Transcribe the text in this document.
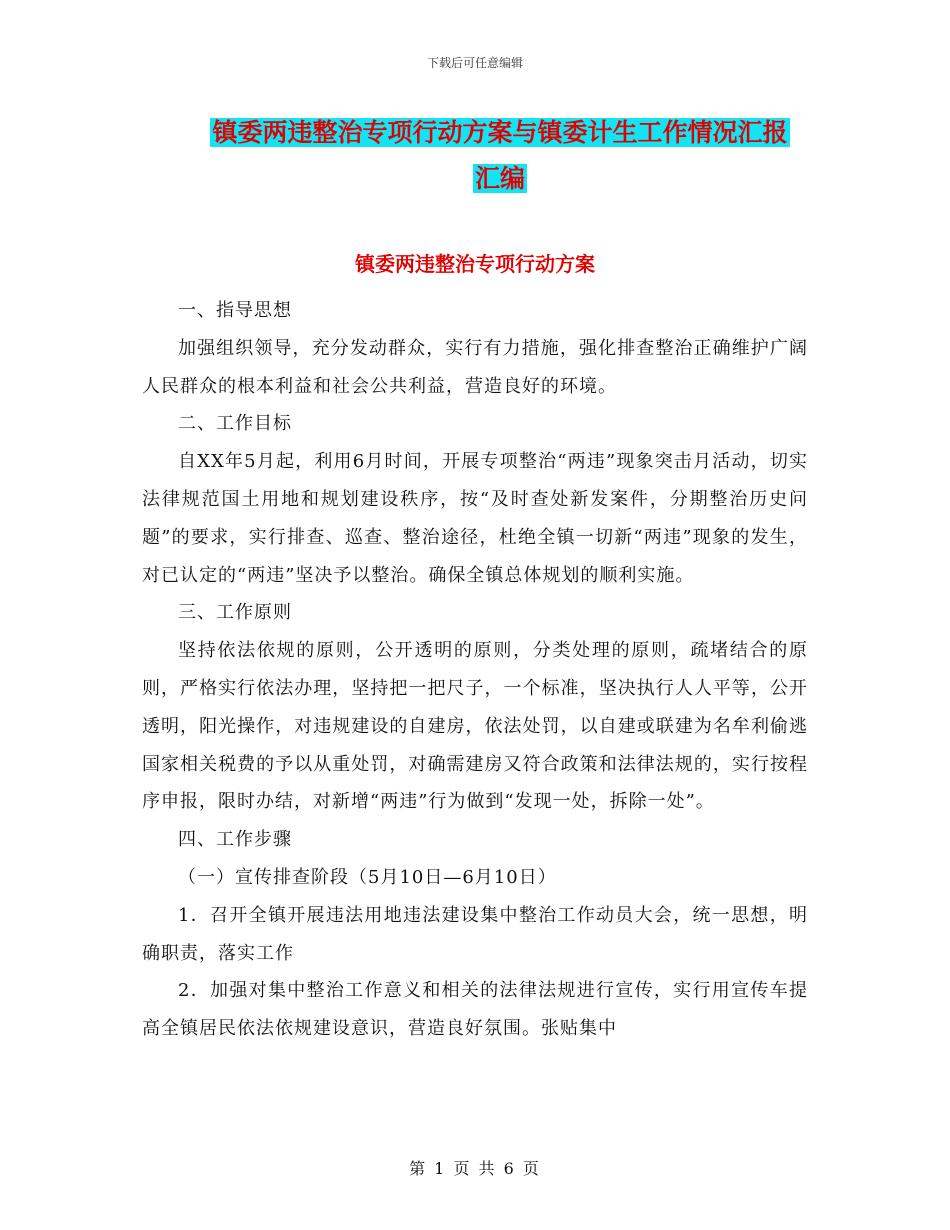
下载后可任意编辑
镇委两违整治专项行动方案与镇委计生工作情况汇报
汇编
镇委两违整治专项行动方案

一、指导思想

加强组织领导，充分发动群众，实行有力措施，强化排查整治正确维护广阔人民群众的根本利益和社会公共利益，营造良好的环境。

二、工作目标

自XX年5月起，利用6月时间，开展专项整治“两违”现象突击月活动，切实法律规范国土用地和规划建设秩序，按“及时查处新发案件，分期整治历史问题”的要求，实行排查、巡查、整治途径，杜绝全镇一切新“两违”现象的发生，对已认定的“两违”坚决予以整治。确保全镇总体规划的顺利实施。

三、工作原则

坚持依法依规的原则，公开透明的原则，分类处理的原则，疏堵结合的原则，严格实行依法办理，坚持把一把尺子，一个标准，坚决执行人人平等，公开透明，阳光操作，对违规建设的自建房，依法处罚，以自建或联建为名牟利偷逃国家相关税费的予以从重处罚，对确需建房又符合政策和法律法规的，实行按程序申报，限时办结，对新增“两违”行为做到“发现一处，拆除一处”。

四、工作步骤

（一）宣传排查阶段（5月10日—6月10日）

1．召开全镇开展违法用地违法建设集中整治工作动员大会，统一思想，明确职责，落实工作

2．加强对集中整治工作意义和相关的法律法规进行宣传，实行用宣传车提高全镇居民依法依规建设意识，营造良好氛围。张贴集中

第 1 页 共 6 页
